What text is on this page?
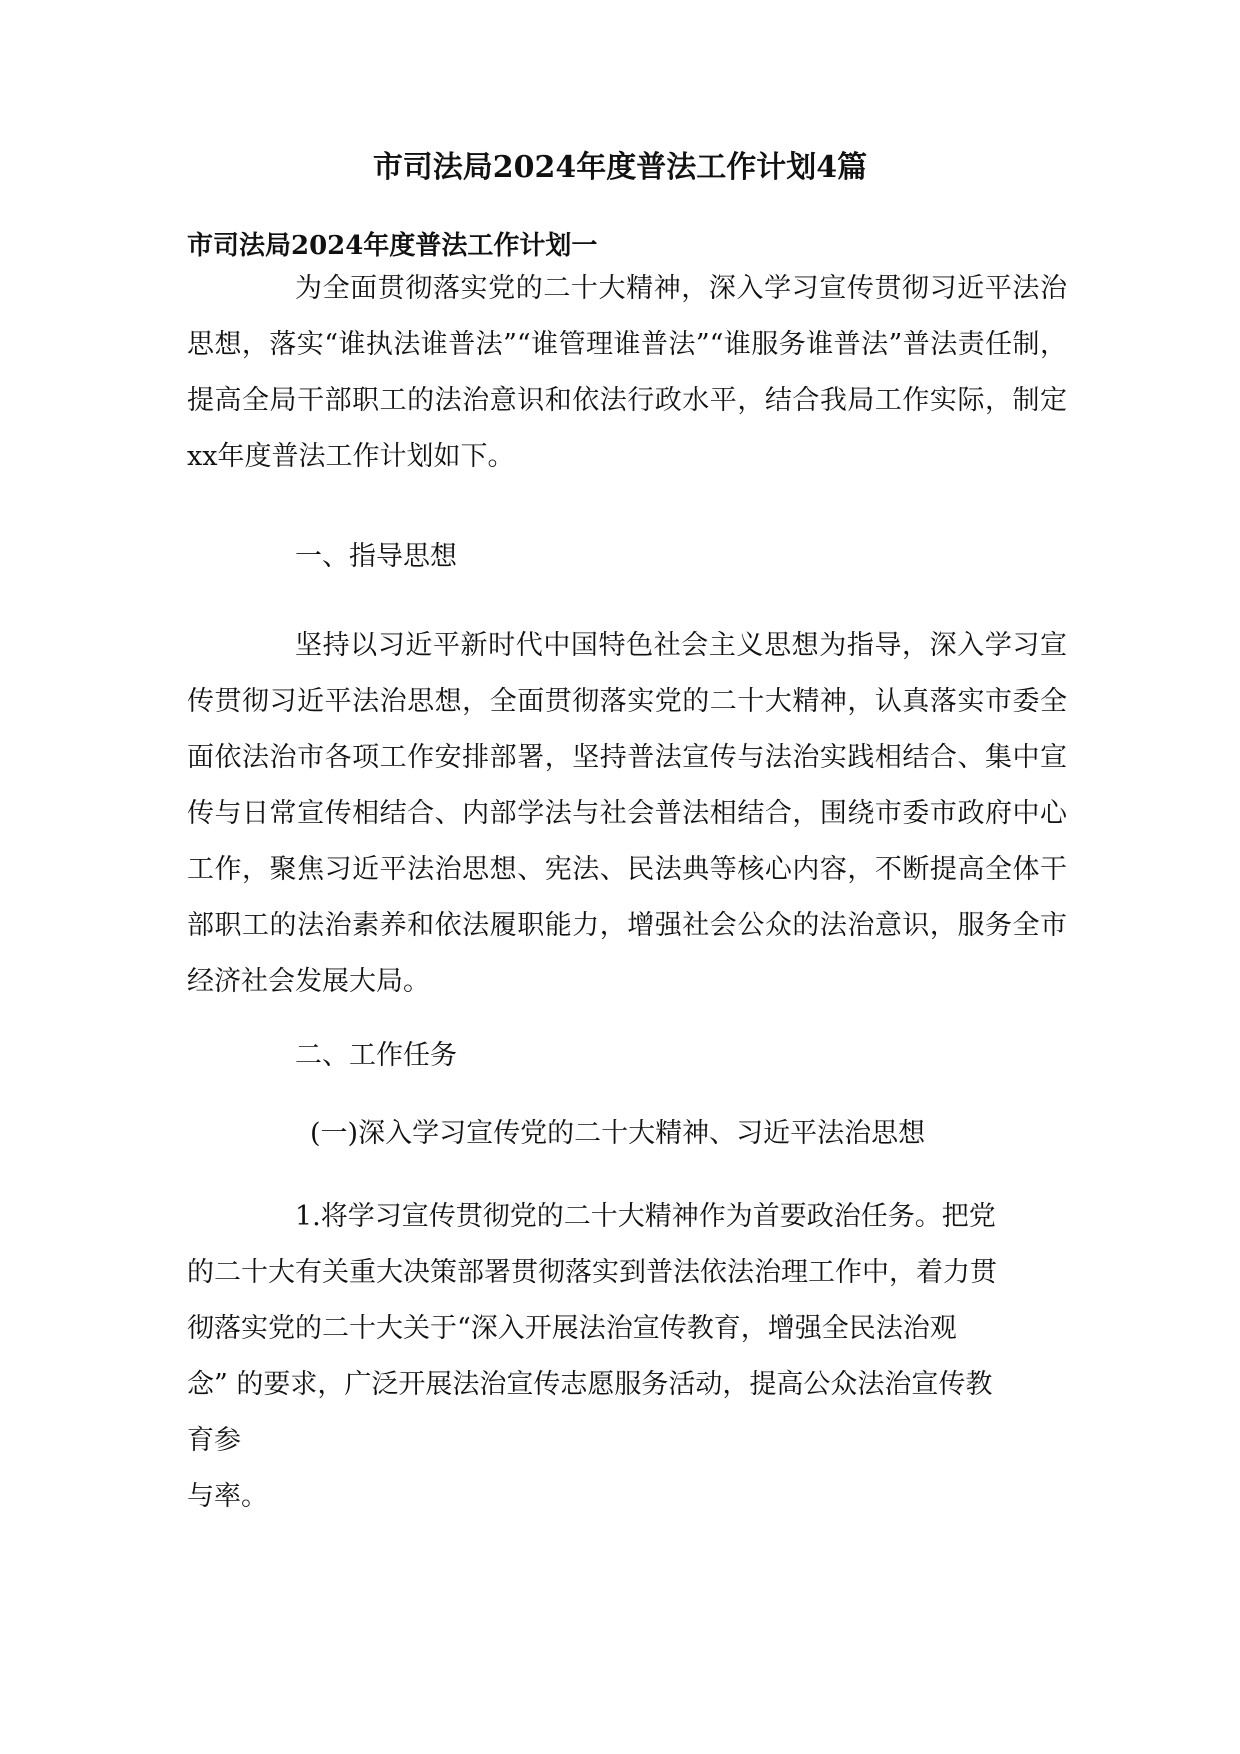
市司法局2024年度普法工作计划4篇
市司法局2024年度普法工作计划一
为全面贯彻落实党的二十大精神，深入学习宣传贯彻习近平法治思想，落实“谁执法谁普法”“谁管理谁普法”“谁服务谁普法”普法责任制，提高全局干部职工的法治意识和依法行政水平，结合我局工作实际，制定xx年度普法工作计划如下。
一、指导思想
坚持以习近平新时代中国特色社会主义思想为指导，深入学习宣传贯彻习近平法治思想，全面贯彻落实党的二十大精神，认真落实市委全面依法治市各项工作安排部署，坚持普法宣传与法治实践相结合、集中宣传与日常宣传相结合、内部学法与社会普法相结合，围绕市委市政府中心工作，聚焦习近平法治思想、宪法、民法典等核心内容，不断提高全体干部职工的法治素养和依法履职能力，增强社会公众的法治意识，服务全市经济社会发展大局。
二、工作任务
(一)深入学习宣传党的二十大精神、习近平法治思想
1.将学习宣传贯彻党的二十大精神作为首要政治任务。把党
的二十大有关重大决策部署贯彻落实到普法依法治理工作中，着力贯
彻落实党的二十大关于“深入开展法治宣传教育，增强全民法治观
念” 的要求，广泛开展法治宣传志愿服务活动，提高公众法治宣传教
育参
与率。
